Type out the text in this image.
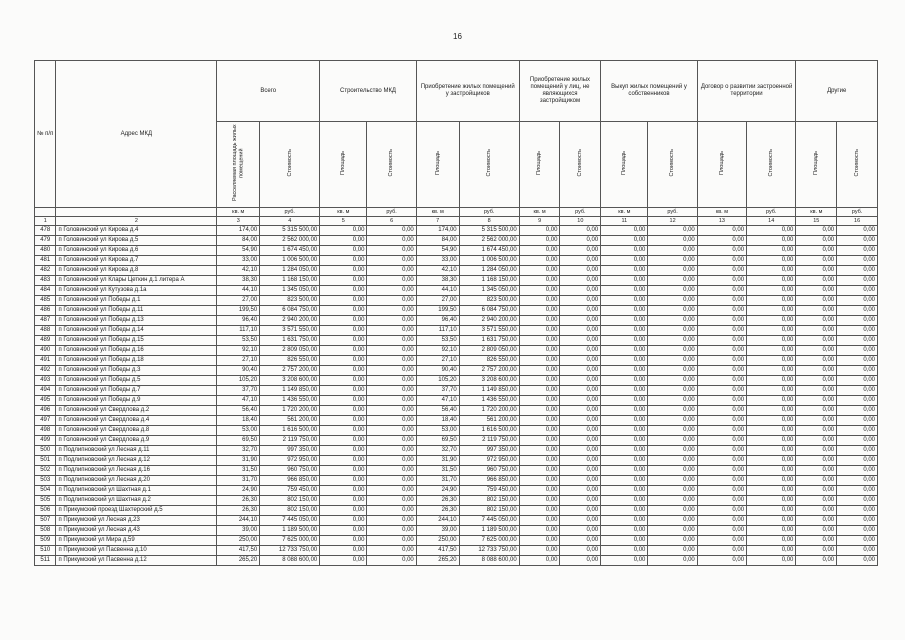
16
№ п/п	Адрес МКД	Всего		Строительство МКД		Приобретение жилых помещений у застройщиков		Приобретение жилых помещений у лиц, не являющихся застройщиком		Выкуп жилых помещений у собственников		Договор о развитии застроенной территории		Другие	
		Расселяемая площадь жилых помещений	Стоимость	Площадь	Стоимость	Площадь	Стоимость	Площадь	Стоимость	Площадь	Стоимость	Площадь	Стоимость	Площадь	Стоимость
		кв. м	руб.	кв. м	руб.	кв. м	руб.	кв. м	руб.	кв. м	руб.	кв. м	руб.	кв. м	руб.
1	2	3	4	5	6	7	8	9	10	11	12	13	14	15	16
478	п Головинский ул Кирова д.4	174,00	5 315 500,00	0,00	0,00	174,00	5 315 500,00	0,00	0,00	0,00	0,00	0,00	0,00	0,00	0,00
479	п Головинский ул Кирова д.5	84,00	2 562 000,00	0,00	0,00	84,00	2 562 000,00	0,00	0,00	0,00	0,00	0,00	0,00	0,00	0,00
480	п Головинский ул Кирова д.6	54,90	1 674 450,00	0,00	0,00	54,90	1 674 450,00	0,00	0,00	0,00	0,00	0,00	0,00	0,00	0,00
481	п Головинский ул Кирова д.7	33,00	1 006 500,00	0,00	0,00	33,00	1 006 500,00	0,00	0,00	0,00	0,00	0,00	0,00	0,00	0,00
482	п Головинский ул Кирова д.8	42,10	1 284 050,00	0,00	0,00	42,10	1 284 050,00	0,00	0,00	0,00	0,00	0,00	0,00	0,00	0,00
483	п Головинский ул Клары Цеткин д.1 литера А	38,30	1 168 150,00	0,00	0,00	38,30	1 168 150,00	0,00	0,00	0,00	0,00	0,00	0,00	0,00	0,00
484	п Головинский ул Кутузова д.1а	44,10	1 345 050,00	0,00	0,00	44,10	1 345 050,00	0,00	0,00	0,00	0,00	0,00	0,00	0,00	0,00
485	п Головинский ул Победы д.1	27,00	823 500,00	0,00	0,00	27,00	823 500,00	0,00	0,00	0,00	0,00	0,00	0,00	0,00	0,00
486	п Головинский ул Победы д.11	199,50	6 084 750,00	0,00	0,00	199,50	6 084 750,00	0,00	0,00	0,00	0,00	0,00	0,00	0,00	0,00
487	п Головинский ул Победы д.13	96,40	2 940 200,00	0,00	0,00	96,40	2 940 200,00	0,00	0,00	0,00	0,00	0,00	0,00	0,00	0,00
488	п Головинский ул Победы д.14	117,10	3 571 550,00	0,00	0,00	117,10	3 571 550,00	0,00	0,00	0,00	0,00	0,00	0,00	0,00	0,00
489	п Головинский ул Победы д.15	53,50	1 631 750,00	0,00	0,00	53,50	1 631 750,00	0,00	0,00	0,00	0,00	0,00	0,00	0,00	0,00
490	п Головинский ул Победы д.16	92,10	2 809 050,00	0,00	0,00	92,10	2 809 050,00	0,00	0,00	0,00	0,00	0,00	0,00	0,00	0,00
491	п Головинский ул Победы д.18	27,10	826 550,00	0,00	0,00	27,10	826 550,00	0,00	0,00	0,00	0,00	0,00	0,00	0,00	0,00
492	п Головинский ул Победы д.3	90,40	2 757 200,00	0,00	0,00	90,40	2 757 200,00	0,00	0,00	0,00	0,00	0,00	0,00	0,00	0,00
493	п Головинский ул Победы д.5	105,20	3 208 600,00	0,00	0,00	105,20	3 208 600,00	0,00	0,00	0,00	0,00	0,00	0,00	0,00	0,00
494	п Головинский ул Победы д.7	37,70	1 149 850,00	0,00	0,00	37,70	1 149 850,00	0,00	0,00	0,00	0,00	0,00	0,00	0,00	0,00
495	п Головинский ул Победы д.9	47,10	1 436 550,00	0,00	0,00	47,10	1 436 550,00	0,00	0,00	0,00	0,00	0,00	0,00	0,00	0,00
496	п Головинский ул Свердлова д.2	56,40	1 720 200,00	0,00	0,00	56,40	1 720 200,00	0,00	0,00	0,00	0,00	0,00	0,00	0,00	0,00
497	п Головинский ул Свердлова д.4	18,40	561 200,00	0,00	0,00	18,40	561 200,00	0,00	0,00	0,00	0,00	0,00	0,00	0,00	0,00
498	п Головинский ул Свердлова д.8	53,00	1 616 500,00	0,00	0,00	53,00	1 616 500,00	0,00	0,00	0,00	0,00	0,00	0,00	0,00	0,00
499	п Головинский ул Свердлова д.9	69,50	2 119 750,00	0,00	0,00	69,50	2 119 750,00	0,00	0,00	0,00	0,00	0,00	0,00	0,00	0,00
500	п Подлипновский ул Лесная д.11	32,70	997 350,00	0,00	0,00	32,70	997 350,00	0,00	0,00	0,00	0,00	0,00	0,00	0,00	0,00
501	п Подлипновский ул Лесная д.12	31,90	972 950,00	0,00	0,00	31,90	972 950,00	0,00	0,00	0,00	0,00	0,00	0,00	0,00	0,00
502	п Подлипновский ул Лесная д.16	31,50	960 750,00	0,00	0,00	31,50	960 750,00	0,00	0,00	0,00	0,00	0,00	0,00	0,00	0,00
503	п Подлипновский ул Лесная д.20	31,70	966 850,00	0,00	0,00	31,70	966 850,00	0,00	0,00	0,00	0,00	0,00	0,00	0,00	0,00
504	п Подлипновский ул Шахтная д.1	24,90	759 450,00	0,00	0,00	24,90	759 450,00	0,00	0,00	0,00	0,00	0,00	0,00	0,00	0,00
505	п Подлипновский ул Шахтная д.2	26,30	802 150,00	0,00	0,00	26,30	802 150,00	0,00	0,00	0,00	0,00	0,00	0,00	0,00	0,00
506	п Прикумский проезд Шахтерский д.5	26,30	802 150,00	0,00	0,00	26,30	802 150,00	0,00	0,00	0,00	0,00	0,00	0,00	0,00	0,00
507	п Прикумский ул Лесная д.23	244,10	7 445 050,00	0,00	0,00	244,10	7 445 050,00	0,00	0,00	0,00	0,00	0,00	0,00	0,00	0,00
508	п Прикумский ул Лесная д.43	39,00	1 189 500,00	0,00	0,00	39,00	1 189 500,00	0,00	0,00	0,00	0,00	0,00	0,00	0,00	0,00
509	п Прикумский ул Мира д.59	250,00	7 625 000,00	0,00	0,00	250,00	7 625 000,00	0,00	0,00	0,00	0,00	0,00	0,00	0,00	0,00
510	п Прикумский ул Пасвенна д.10	417,50	12 733 750,00	0,00	0,00	417,50	12 733 750,00	0,00	0,00	0,00	0,00	0,00	0,00	0,00	0,00
511	п Прикумский ул Пасвенна д.12	265,20	8 088 600,00	0,00	0,00	265,20	8 088 600,00	0,00	0,00	0,00	0,00	0,00	0,00	0,00	0,00
